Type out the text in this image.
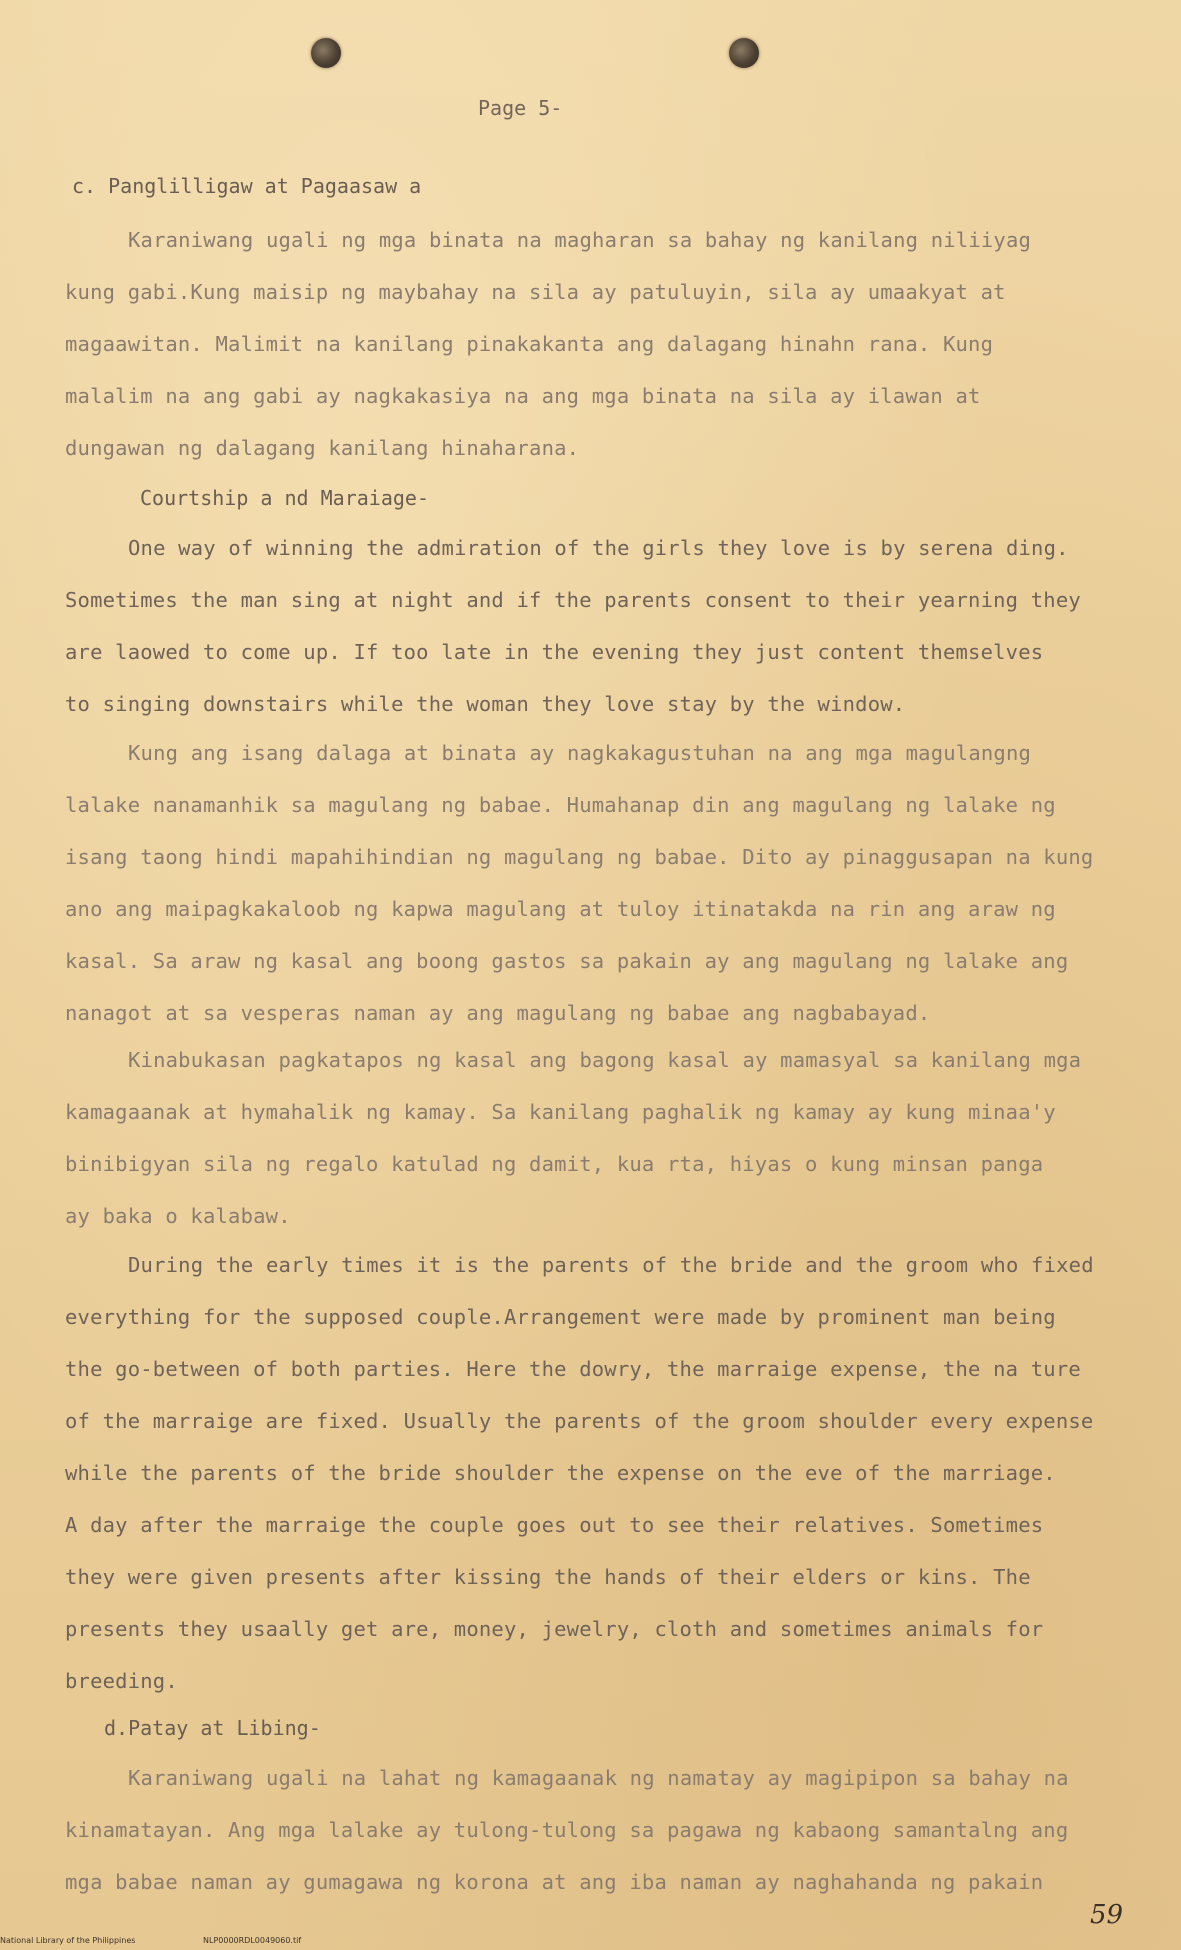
Page 5-
c. Panglilligaw at Pagaasaw a
Karaniwang ugali ng mga binata na magharan sa bahay ng kanilang niliiyag
kung gabi.Kung maisip ng maybahay na sila ay patuluyin, sila ay umaakyat at
magaawitan. Malimit na kanilang pinakakanta ang dalagang hinahn rana. Kung
malalim na ang gabi ay nagkakasiya na ang mga binata na sila ay ilawan at
dungawan ng dalagang kanilang hinaharana.
Courtship a nd Maraiage-
One way of winning the admiration of the girls they love is by serena ding.
Sometimes the man sing at night and if the parents consent to their yearning they
are laowed to come up. If too late in the evening they just content themselves
to singing downstairs while the woman they love stay by the window.
Kung ang isang dalaga at binata ay nagkakagustuhan na ang mga magulangng
lalake nanamanhik sa magulang ng babae. Humahanap din ang magulang ng lalake ng
isang taong hindi mapahihindian ng magulang ng babae. Dito ay pinaggusapan na kung
ano ang maipagkakaloob ng kapwa magulang at tuloy itinatakda na rin ang araw ng
kasal. Sa araw ng kasal ang boong gastos sa pakain ay ang magulang ng lalake ang
nanagot at sa vesperas naman ay ang magulang ng babae ang nagbabayad.
Kinabukasan pagkatapos ng kasal ang bagong kasal ay mamasyal sa kanilang mga
kamagaanak at hymahalik ng kamay. Sa kanilang paghalik ng kamay ay kung minaa'y
binibigyan sila ng regalo katulad ng damit, kua rta, hiyas o kung minsan panga
ay baka o kalabaw.
During the early times it is the parents of the bride and the groom who fixed
everything for the supposed couple.Arrangement were made by prominent man being
the go-between of both parties. Here the dowry, the marraige expense, the na ture
of the marraige are fixed. Usually the parents of the groom shoulder every expense
while the parents of the bride shoulder the expense on the eve of the marriage.
A day after the marraige the couple goes out to see their relatives. Sometimes
they were given presents after kissing the hands of their elders or kins. The
presents they usaally get are, money, jewelry, cloth and sometimes animals for
breeding.
d.Patay at Libing-
Karaniwang ugali na lahat ng kamagaanak ng namatay ay magipipon sa bahay na
kinamatayan. Ang mga lalake ay tulong-tulong sa pagawa ng kabaong samantalng ang
mga babae naman ay gumagawa ng korona at ang iba naman ay naghahanda ng pakain
59
National Library of the Philippines	NLP0000RDL0049060.tif
